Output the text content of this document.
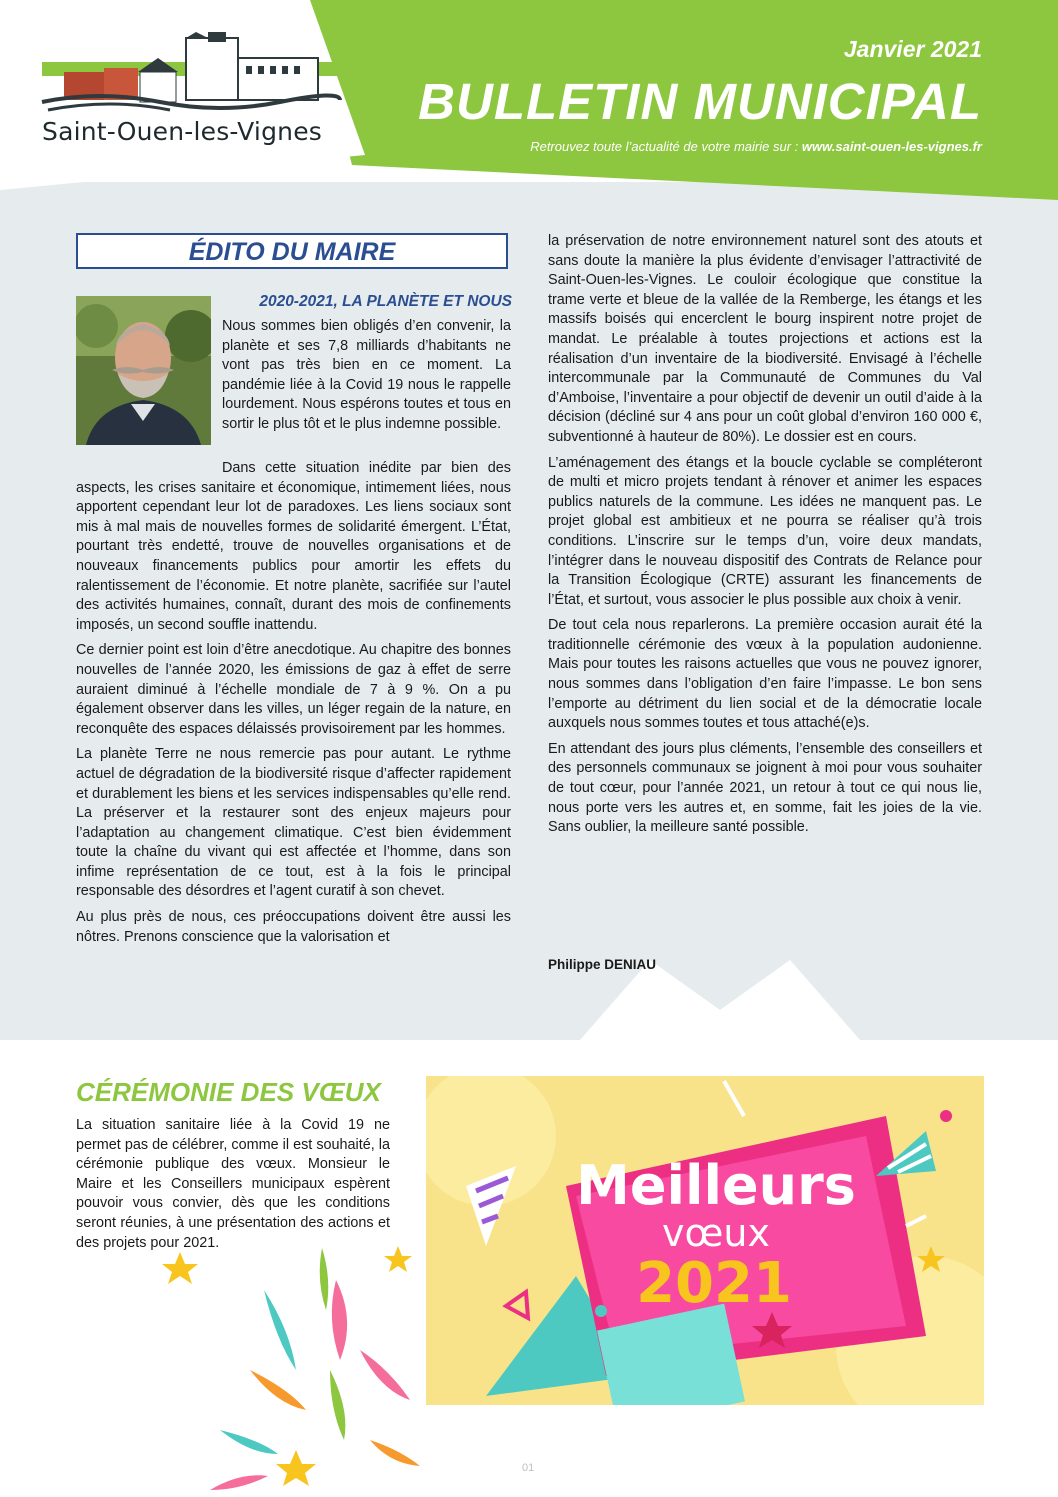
Saint-Ouen-les-Vignes
Janvier 2021
BULLETIN MUNICIPAL
Retrouvez toute l’actualité de votre mairie sur : www.saint-ouen-les-vignes.fr
ÉDITO DU MAIRE
2020-2021, LA PLANÈTE ET NOUS

Nous sommes bien obligés d’en convenir, la planète et ses 7,8 milliards d’habitants ne vont pas très bien en ce moment. La pandémie liée à la Covid 19 nous le rappelle lourdement. Nous espérons toutes et tous en sortir le plus tôt et le plus indemne possible.

Dans cette situation inédite par bien des aspects, les crises sanitaire et économique, intimement liées, nous apportent cependant leur lot de paradoxes. Les liens sociaux sont mis à mal mais de nouvelles formes de solidarité émergent. L’État, pourtant très endetté, trouve de nouvelles organisations et de nouveaux financements publics pour amortir les effets du ralentissement de l’économie. Et notre planète, sacrifiée sur l’autel des activités humaines, connaît, durant des mois de confinements imposés, un second souffle inattendu.

Ce dernier point est loin d’être anecdotique. Au chapitre des bonnes nouvelles de l’année 2020, les émissions de gaz à effet de serre auraient diminué à l’échelle mondiale de 7 à 9 %. On a pu également observer dans les villes, un léger regain de la nature, en reconquête des espaces délaissés provisoirement par les hommes.

La planète Terre ne nous remercie pas pour autant. Le rythme actuel de dégradation de la biodiversité risque d’affecter rapidement et durablement les biens et les services indispensables qu’elle rend. La préserver et la restaurer sont des enjeux majeurs pour l’adaptation au changement climatique. C’est bien évidemment toute la chaîne du vivant qui est affectée et l’homme, dans son infime représentation de ce tout, est à la fois le principal responsable des désordres et l’agent curatif à son chevet.

Au plus près de nous, ces préoccupations doivent être aussi les nôtres. Prenons conscience que la valorisation et

la préservation de notre environnement naturel sont des atouts et sans doute la manière la plus évidente d’envisager l’attractivité de Saint-Ouen-les-Vignes. Le couloir écologique que constitue la trame verte et bleue de la vallée de la Remberge, les étangs et les massifs boisés qui encerclent le bourg inspirent notre projet de mandat. Le préalable à toutes projections et actions est la réalisation d’un inventaire de la biodiversité. Envisagé à l’échelle intercommunale par la Communauté de Communes du Val d’Amboise, l’inventaire a pour objectif de devenir un outil d’aide à la décision (décliné sur 4 ans pour un coût global d’environ 160 000 €, subventionné à hauteur de 80%). Le dossier est en cours.

L’aménagement des étangs et la boucle cyclable se compléteront de multi et micro projets tendant à rénover et animer les espaces publics naturels de la commune. Les idées ne manquent pas. Le projet global est ambitieux et ne pourra se réaliser qu’à trois conditions. L’inscrire sur le temps d’un, voire deux mandats, l’intégrer dans le nouveau dispositif des Contrats de Relance pour la Transition Écologique (CRTE) assurant les financements de l’État, et surtout, vous associer le plus possible aux choix à venir.

De tout cela nous reparlerons. La première occasion aurait été la traditionnelle cérémonie des vœux à la population audonienne. Mais pour toutes les raisons actuelles que vous ne pouvez ignorer, nous sommes dans l’obligation d’en faire l’impasse. Le bon sens l’emporte au détriment du lien social et de la démocratie locale auxquels nous sommes toutes et tous attaché(e)s.

En attendant des jours plus cléments, l’ensemble des conseillers et des personnels communaux se joignent à moi pour vous souhaiter de tout cœur, pour l’année 2021, un retour à tout ce qui nous lie, nous porte vers les autres et, en somme, fait les joies de la vie. Sans oublier, la meilleure santé possible.

Philippe DENIAU
CÉRÉMONIE DES VŒUX

La situation sanitaire liée à la Covid 19 ne permet pas de célébrer, comme il est souhaité, la cérémonie publique des vœux. Monsieur le Maire et les Conseillers municipaux espèrent pouvoir vous convier, dès que les conditions seront réunies, à une présentation des actions et des projets pour 2021.

Meilleurs
vœux
2021
01
